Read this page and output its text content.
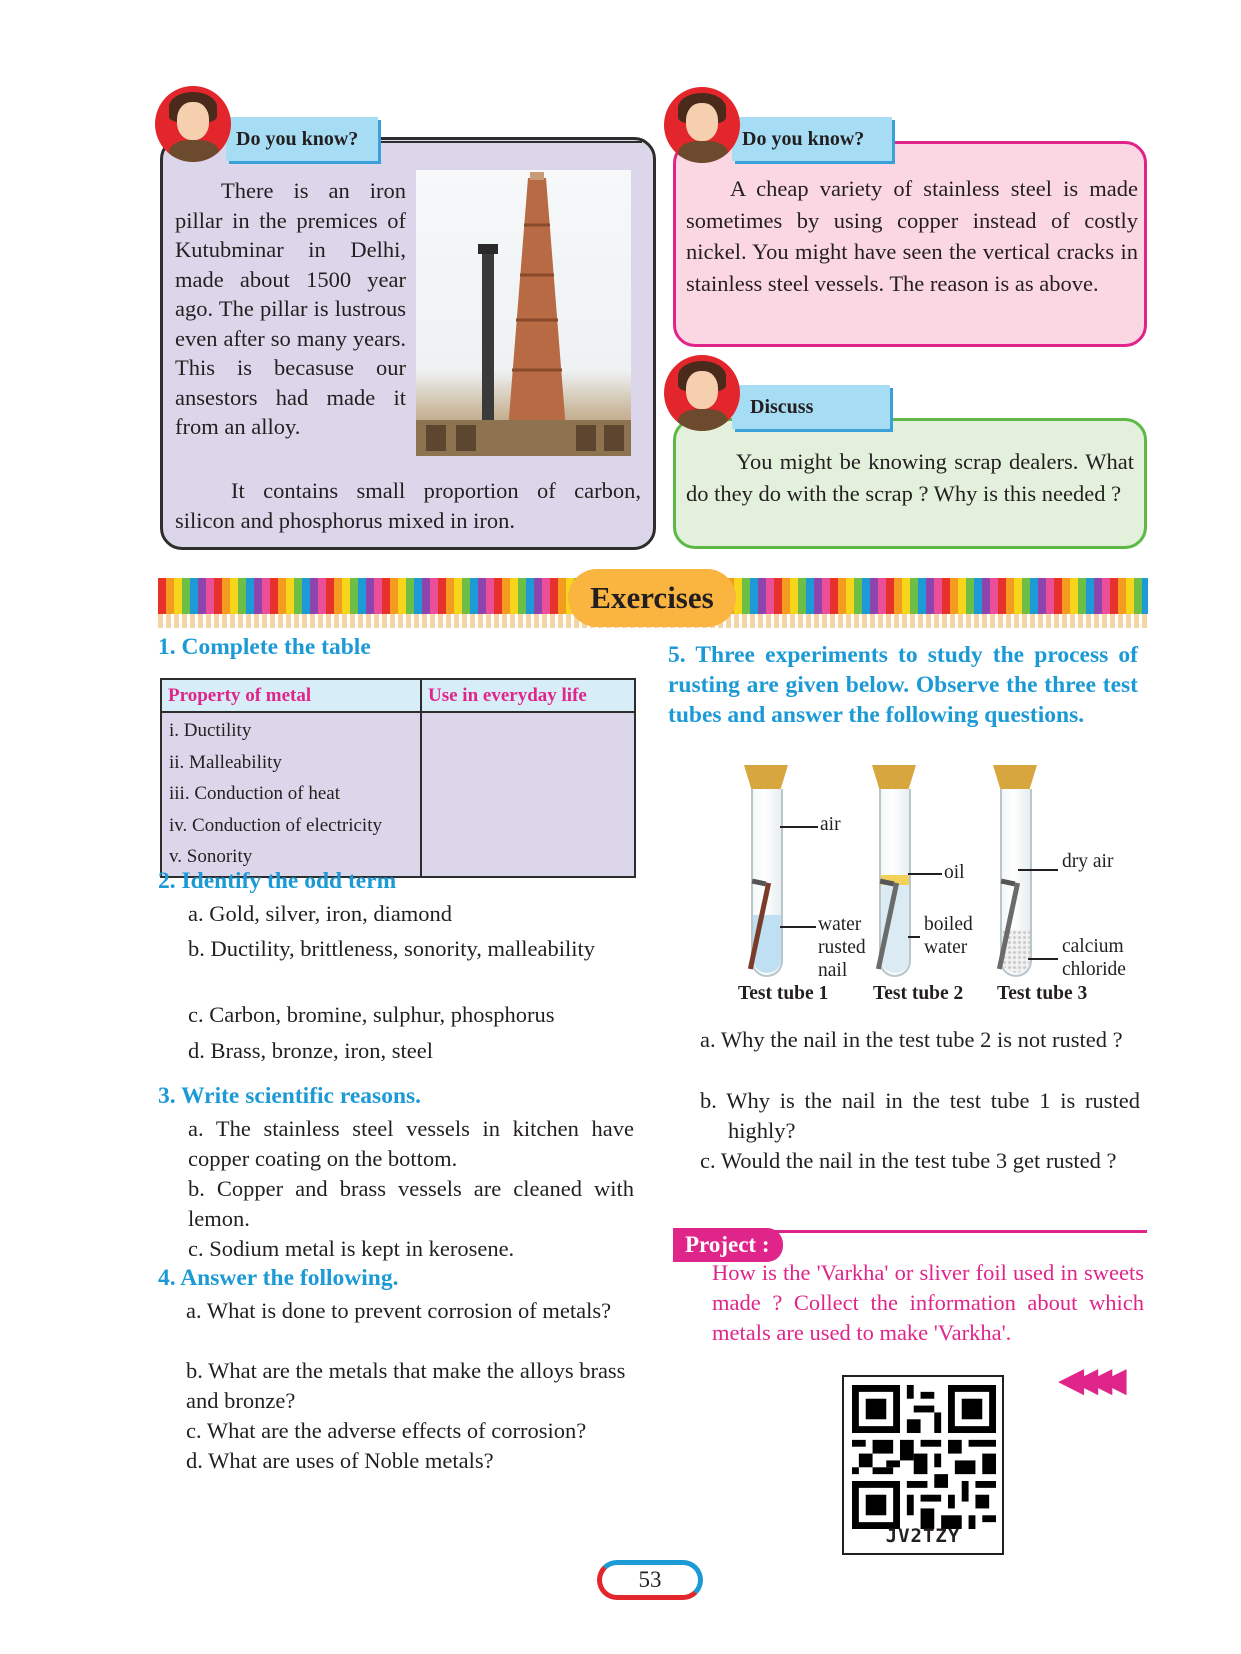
Do you know?

There is an iron pillar in the premices of Kutubminar in Delhi, made about 1500 year ago. The pillar is lustrous even after so many years. This is becasuse our ansestors had made it from an alloy.

It contains small proportion of carbon, silicon and phosphorus mixed in iron.

Do you know?

A cheap variety of stainless steel is made sometimes by using copper instead of costly nickel. You might have seen the vertical cracks in stainless steel vessels. The reason is as above.

Discuss

You might be knowing scrap dealers. What do they do with the scrap ? Why is this needed ?

Exercises
1. Complete the table
Property of metal	Use in everyday life

i. Ductility
ii. Malleability
iii. Conduction of heat
iv. Conduction of electricity
v. Sonority	

2. Identify the odd term
a. Gold, silver, iron, diamond
b. Ductility, brittleness, sonority, malleability
c. Carbon, bromine, sulphur, phosphorus
d. Brass, bronze, iron, steel
3. Write scientific reasons.
a. The stainless steel vessels in kitchen have copper coating on the bottom.
b. Copper and brass vessels are cleaned with lemon.
c. Sodium metal is kept in kerosene.
4. Answer the following.
a. What is done to prevent corrosion of metals?
b. What are the metals that make the alloys brass and bronze?
c. What are the adverse effects of corrosion?
d. What are uses of Noble metals?
5. Three experiments to study the process of rusting are given below. Observe the three test tubes and answer the following questions.
air
water
rusted
nail
Test tube 1
oil
boiled
water
Test tube 2
dry air
calcium
chloride
Test tube 3
a. Why the nail in the test tube 2 is not rusted ?
b. Why is the nail in the test tube 1 is rusted highly?
c. Would the nail in the test tube 3 get rusted ?
Project :
How is the 'Varkha' or sliver foil used in sweets made ? Collect the information about which metals are used to make 'Varkha'.
◀◀◀◀
JV2TZY
53
